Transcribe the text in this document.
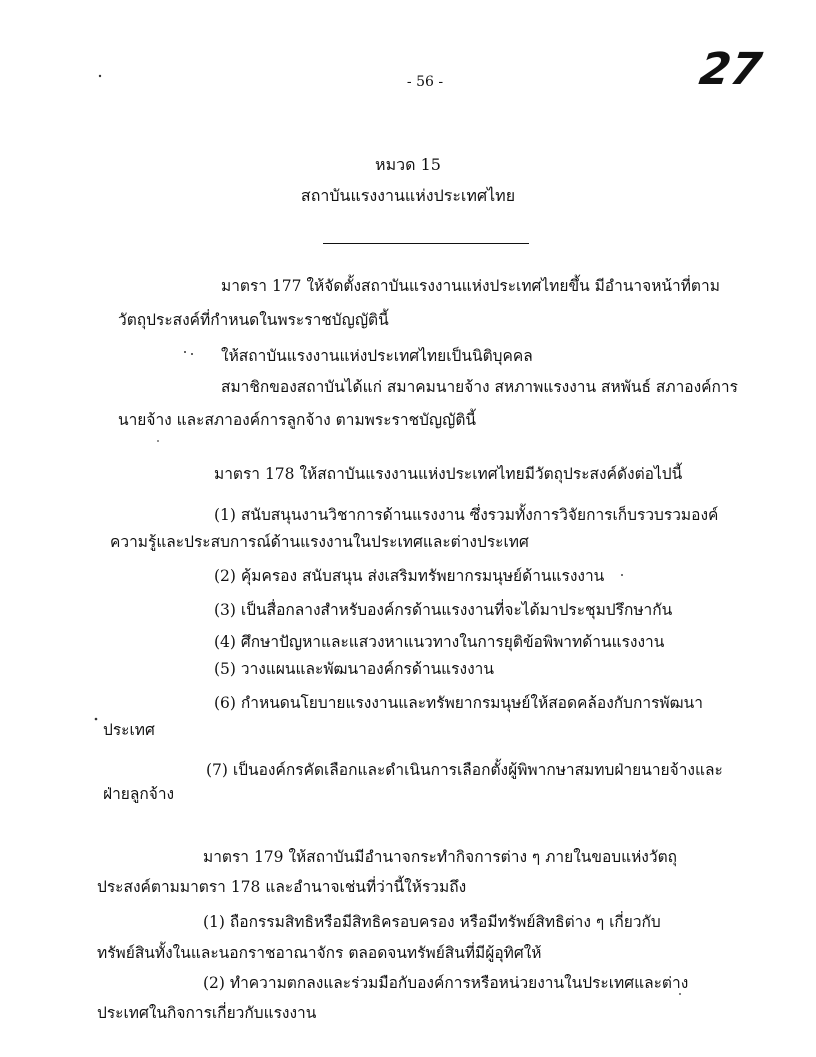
- 56 -	27
หมวด 15
สถาบันแรงงานแห่งประเทศไทย
มาตรา 177 ให้จัดตั้งสถาบันแรงงานแห่งประเทศไทยขึ้น มีอำนาจหน้าที่ตาม
วัตถุประสงค์ที่กำหนดในพระราชบัญญัตินี้
ให้สถาบันแรงงานแห่งประเทศไทยเป็นนิติบุคคล
สมาชิกของสถาบันได้แก่ สมาคมนายจ้าง สหภาพแรงงาน สหพันธ์ สภาองค์การ
นายจ้าง และสภาองค์การลูกจ้าง ตามพระราชบัญญัตินี้
มาตรา 178 ให้สถาบันแรงงานแห่งประเทศไทยมีวัตถุประสงค์ดังต่อไปนี้
(1) สนับสนุนงานวิชาการด้านแรงงาน ซึ่งรวมทั้งการวิจัยการเก็บรวบรวมองค์
ความรู้และประสบการณ์ด้านแรงงานในประเทศและต่างประเทศ
(2) คุ้มครอง สนับสนุน ส่งเสริมทรัพยากรมนุษย์ด้านแรงงาน
(3) เป็นสื่อกลางสำหรับองค์กรด้านแรงงานที่จะได้มาประชุมปรึกษากัน
(4) ศึกษาปัญหาและแสวงหาแนวทางในการยุติข้อพิพาทด้านแรงงาน
(5) วางแผนและพัฒนาองค์กรด้านแรงงาน
(6) กำหนดนโยบายแรงงานและทรัพยากรมนุษย์ให้สอดคล้องกับการพัฒนา
ประเทศ
(7) เป็นองค์กรคัดเลือกและดำเนินการเลือกตั้งผู้พิพากษาสมทบฝ่ายนายจ้างและ
ฝ่ายลูกจ้าง
มาตรา 179 ให้สถาบันมีอำนาจกระทำกิจการต่าง ๆ ภายในขอบแห่งวัตถุ
ประสงค์ตามมาตรา 178 และอำนาจเช่นที่ว่านี้ให้รวมถึง
(1) ถือกรรมสิทธิหรือมีสิทธิครอบครอง หรือมีทรัพย์สิทธิต่าง ๆ เกี่ยวกับ
ทรัพย์สินทั้งในและนอกราชอาณาจักร ตลอดจนทรัพย์สินที่มีผู้อุทิศให้
(2) ทำความตกลงและร่วมมือกับองค์การหรือหน่วยงานในประเทศและต่าง
ประเทศในกิจการเกี่ยวกับแรงงาน
